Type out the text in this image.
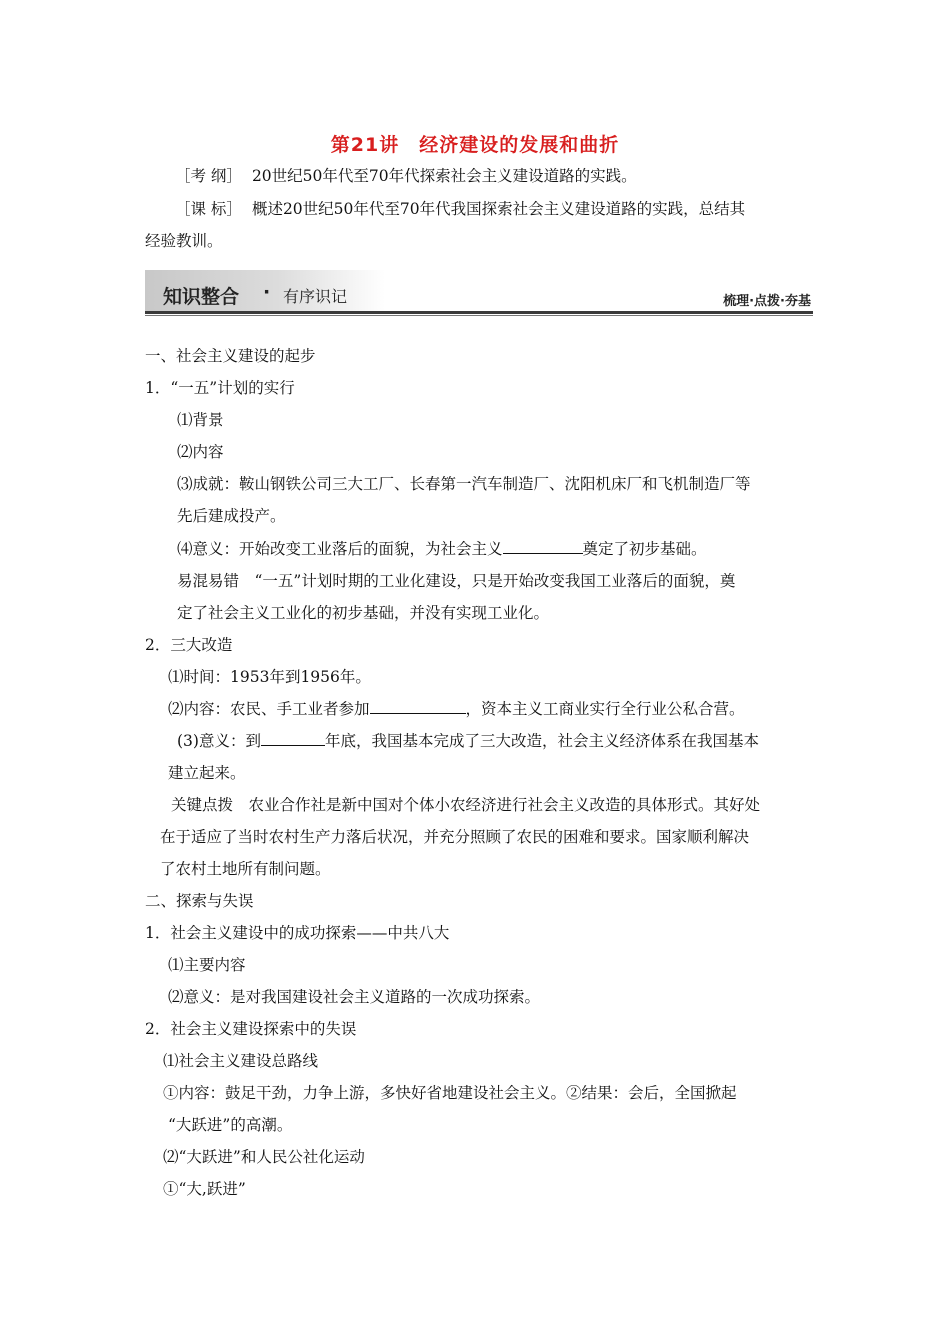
第21讲　经济建设的发展和曲折
［考 纲］ 20世纪50年代至70年代探索社会主义建设道路的实践。
［课 标］ 概述20世纪50年代至70年代我国探索社会主义建设道路的实践，总结其
经验教训。
知识整合 · 有序识记	梳理·点拨·夯基
一、社会主义建设的起步
1．“一五”计划的实行
⑴背景
⑵内容
⑶成就：鞍山钢铁公司三大工厂、长春第一汽车制造厂、沈阳机床厂和飞机制造厂等
先后建成投产。
⑷意义：开始改变工业落后的面貌，为社会主义	奠定了初步基础。
易混易错　“一五”计划时期的工业化建设，只是开始改变我国工业落后的面貌，奠
定了社会主义工业化的初步基础，并没有实现工业化。
2．三大改造
⑴时间：1953年到1956年。
⑵内容：农民、手工业者参加	，资本主义工商业实行全行业公私合营。
(3)意义：到	年底，我国基本完成了三大改造，社会主义经济体系在我国基本
建立起来。
关键点拨　农业合作社是新中国对个体小农经济进行社会主义改造的具体形式。其好处
在于适应了当时农村生产力落后状况，并充分照顾了农民的困难和要求。国家顺利解决
了农村土地所有制问题。
二、探索与失误
1．社会主义建设中的成功探索——中共八大
⑴主要内容
⑵意义：是对我国建设社会主义道路的一次成功探索。
2．社会主义建设探索中的失误
⑴社会主义建设总路线
①内容：鼓足干劲，力争上游，多快好省地建设社会主义。②结果：会后，全国掀起
“大跃进”的高潮。
⑵“大跃进”和人民公社化运动
①“大,跃进”
